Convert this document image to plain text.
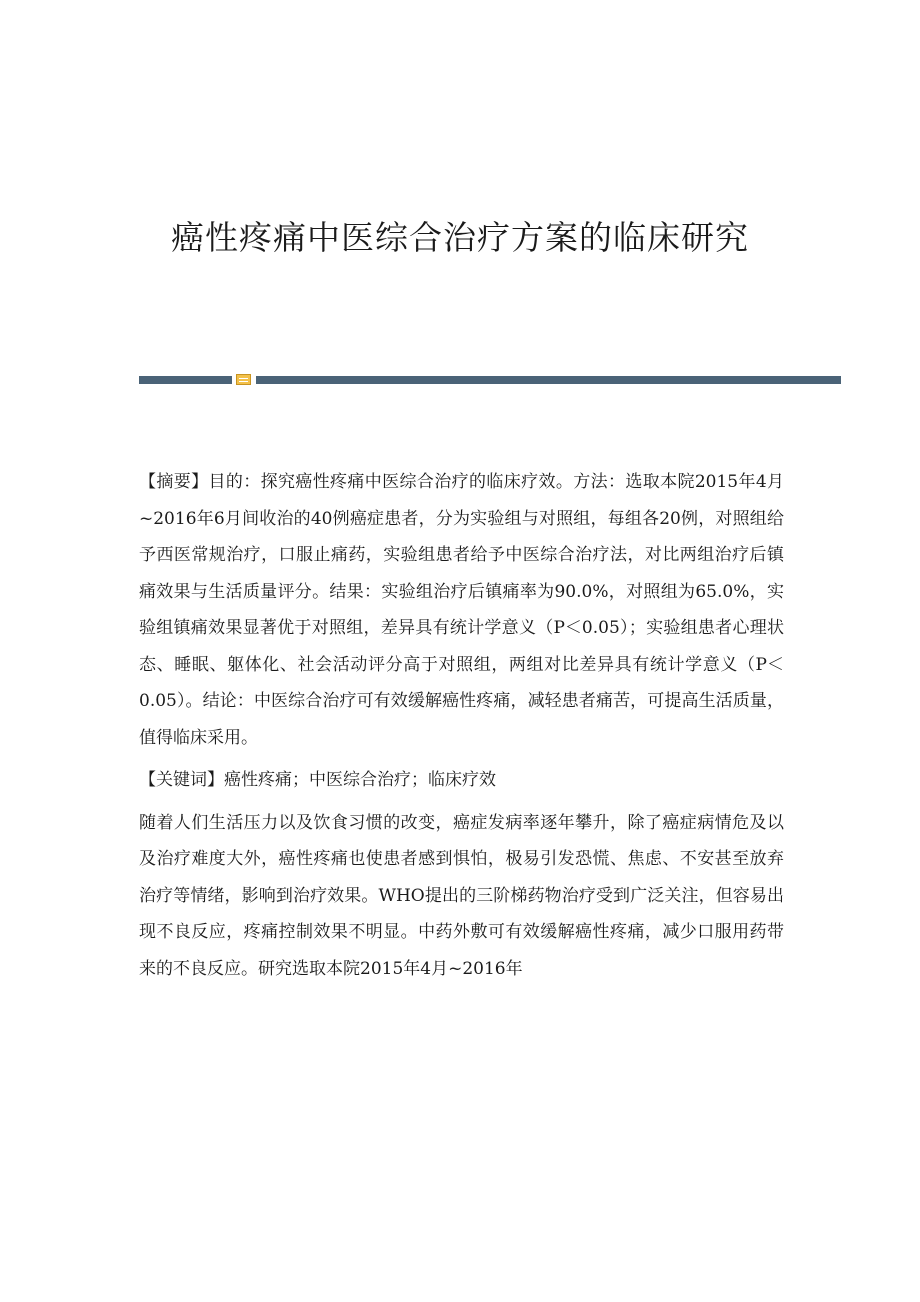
癌性疼痛中医综合治疗方案的临床研究

【摘要】目的：探究癌性疼痛中医综合治疗的临床疗效。方法：选取本院2015年4月~2016年6月间收治的40例癌症患者，分为实验组与对照组，每组各20例，对照组给予西医常规治疗，口服止痛药，实验组患者给予中医综合治疗法，对比两组治疗后镇痛效果与生活质量评分。结果：实验组治疗后镇痛率为90.0%，对照组为65.0%，实验组镇痛效果显著优于对照组，差异具有统计学意义（P＜0.05）；实验组患者心理状态、睡眠、躯体化、社会活动评分高于对照组，两组对比差异具有统计学意义（P＜0.05）。结论：中医综合治疗可有效缓解癌性疼痛，减轻患者痛苦，可提高生活质量，值得临床采用。

【关键词】癌性疼痛；中医综合治疗；临床疗效

随着人们生活压力以及饮食习惯的改变，癌症发病率逐年攀升，除了癌症病情危及以及治疗难度大外，癌性疼痛也使患者感到惧怕，极易引发恐慌、焦虑、不安甚至放弃治疗等情绪，影响到治疗效果。WHO提出的三阶梯药物治疗受到广泛关注，但容易出现不良反应，疼痛控制效果不明显。中药外敷可有效缓解癌性疼痛，减少口服用药带来的不良反应。研究选取本院2015年4月~2016年
